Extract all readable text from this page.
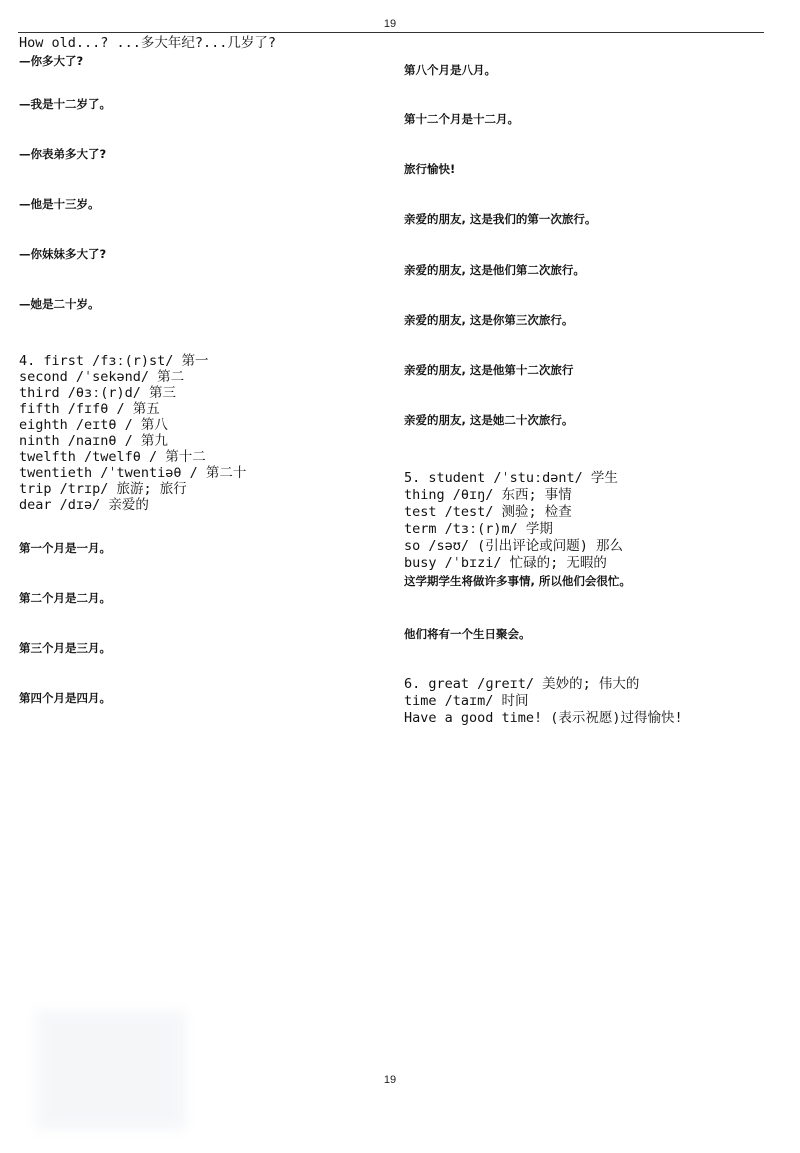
19
How old...? ...多大年纪?...几岁了?
—你多大了?
—我是十二岁了。
—你表弟多大了?
—他是十三岁。
—你妹妹多大了?
—她是二十岁。
4. first /fɜː(r)st/ 第一
second /ˈsekənd/ 第二
third /θɜː(r)d/ 第三
fifth /fɪfθ / 第五
eighth /eɪtθ / 第八
ninth /naɪnθ / 第九
twelfth /twelfθ / 第十二
twentieth /ˈtwentiəθ / 第二十
trip /trɪp/ 旅游; 旅行
dear /dɪə/ 亲爱的
第一个月是一月。
第二个月是二月。
第三个月是三月。
第四个月是四月。
第八个月是八月。
第十二个月是十二月。
旅行愉快!
亲爱的朋友, 这是我们的第一次旅行。
亲爱的朋友, 这是他们第二次旅行。
亲爱的朋友, 这是你第三次旅行。
亲爱的朋友, 这是他第十二次旅行
亲爱的朋友, 这是她二十次旅行。
5. student /ˈstuːdənt/ 学生
thing /θɪŋ/ 东西; 事情
test /test/ 测验; 检查
term /tɜː(r)m/ 学期
so /səʊ/ (引出评论或问题) 那么
busy /ˈbɪzi/ 忙碌的; 无暇的
这学期学生将做许多事情, 所以他们会很忙。
他们将有一个生日聚会。
6. great /ɡreɪt/ 美妙的; 伟大的
time /taɪm/ 时间
Have a good time! (表示祝愿)过得愉快!
19
